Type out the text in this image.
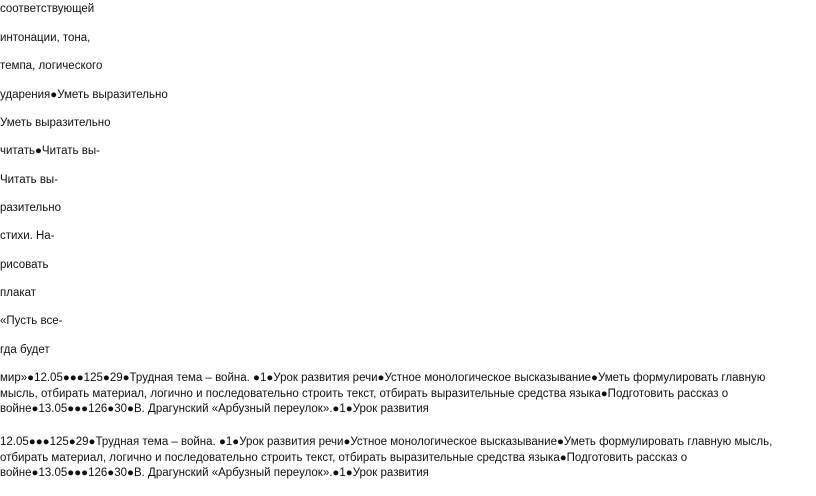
соответствующей
интонации, тона,
темпа, логического
ударения●Уметь выразительно
Уметь выразительно
читать●Читать вы-
Читать вы-
разительно
стихи. На-
рисовать
плакат
«Пусть все-
гда будет
мир»●12.05●●●125●29●Трудная тема – война. ●1●Урок развития речи●Устное монологическое высказывание●Уметь формулировать главную мысль, отбирать материал, логично и последовательно строить текст, отбирать выразительные средства языка●Подготовить рассказ о войне●13.05●●●126●30●В. Драгунский «Арбузный переулок».●1●Урок развития
12.05●●●125●29●Трудная тема – война. ●1●Урок развития речи●Устное монологическое высказывание●Уметь формулировать главную мысль, отбирать материал, логично и последовательно строить текст, отбирать выразительные средства языка●Подготовить рассказ о войне●13.05●●●126●30●В. Драгунский «Арбузный переулок».●1●Урок развития
